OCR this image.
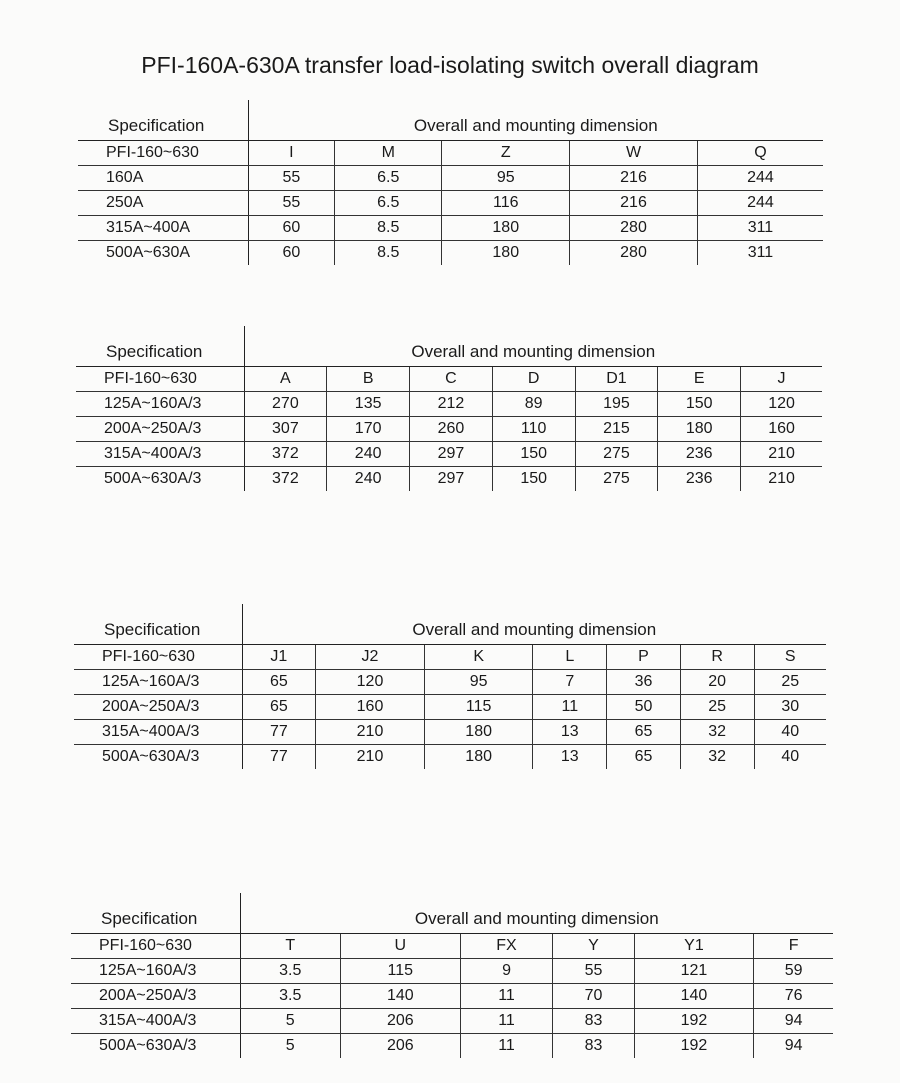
PFI-160A-630A transfer load-isolating switch overall diagram
Specification	Overall and mounting dimension				
PFI-160~630	I	M	Z	W	Q
160A	55	6.5	95	216	244
250A	55	6.5	116	216	244
315A~400A	60	8.5	180	280	311
500A~630A	60	8.5	180	280	311
Specification	Overall and mounting dimension						
PFI-160~630	A	B	C	D	D1	E	J
125A~160A/3	270	135	212	89	195	150	120
200A~250A/3	307	170	260	110	215	180	160
315A~400A/3	372	240	297	150	275	236	210
500A~630A/3	372	240	297	150	275	236	210
Specification	Overall and mounting dimension						
PFI-160~630	J1	J2	K	L	P	R	S
125A~160A/3	65	120	95	7	36	20	25
200A~250A/3	65	160	115	11	50	25	30
315A~400A/3	77	210	180	13	65	32	40
500A~630A/3	77	210	180	13	65	32	40
Specification	Overall and mounting dimension					
PFI-160~630	T	U	FX	Y	Y1	F
125A~160A/3	3.5	115	9	55	121	59
200A~250A/3	3.5	140	11	70	140	76
315A~400A/3	5	206	11	83	192	94
500A~630A/3	5	206	11	83	192	94
